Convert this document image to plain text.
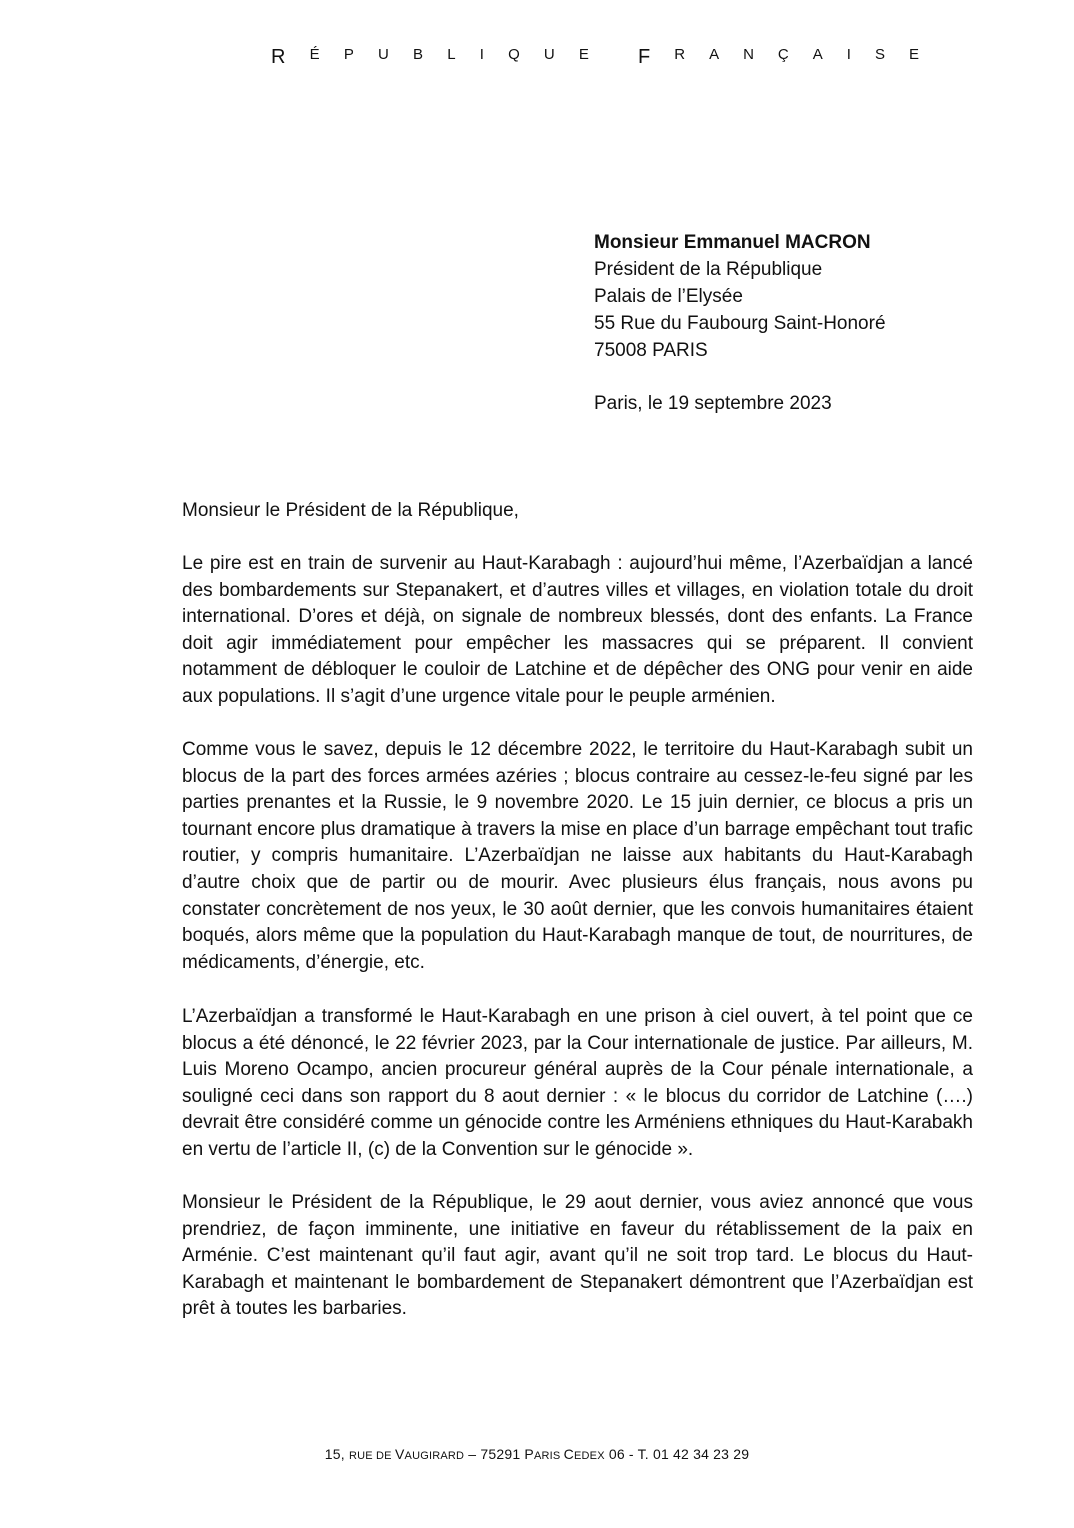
R É P U B L I Q U E F R A N Ç A I S E
Monsieur Emmanuel MACRON
Président de la République
Palais de l’Elysée
55 Rue du Faubourg Saint-Honoré
75008 PARIS
Paris, le 19 septembre 2023
Monsieur le Président de la République,

Le pire est en train de survenir au Haut-Karabagh : aujourd’hui même, l’Azerbaïdjan a lancé des bombardements sur Stepanakert, et d’autres villes et villages, en violation totale du droit international. D’ores et déjà, on signale de nombreux blessés, dont des enfants. La France doit agir immédiatement pour empêcher les massacres qui se préparent. Il convient notamment de débloquer le couloir de Latchine et de dépêcher des ONG pour venir en aide aux populations. Il s’agit d’une urgence vitale pour le peuple arménien.

Comme vous le savez, depuis le 12 décembre 2022, le territoire du Haut-Karabagh subit un blocus de la part des forces armées azéries ; blocus contraire au cessez-le-feu signé par les parties prenantes et la Russie, le 9 novembre 2020. Le 15 juin dernier, ce blocus a pris un tournant encore plus dramatique à travers la mise en place d’un barrage empêchant tout trafic routier, y compris humanitaire. L’Azerbaïdjan ne laisse aux habitants du Haut-Karabagh d’autre choix que de partir ou de mourir. Avec plusieurs élus français, nous avons pu constater concrètement de nos yeux, le 30 août dernier, que les convois humanitaires étaient boqués, alors même que la population du Haut-Karabagh manque de tout, de nourritures, de médicaments, d’énergie, etc.

L’Azerbaïdjan a transformé le Haut-Karabagh en une prison à ciel ouvert, à tel point que ce blocus a été dénoncé, le 22 février 2023, par la Cour internationale de justice. Par ailleurs, M. Luis Moreno Ocampo, ancien procureur général auprès de la Cour pénale internationale, a souligné ceci dans son rapport du 8 aout dernier : « le blocus du corridor de Latchine (….) devrait être considéré comme un génocide contre les Arméniens ethniques du Haut-Karabakh en vertu de l’article II, (c) de la Convention sur le génocide ».

Monsieur le Président de la République, le 29 aout dernier, vous aviez annoncé que vous prendriez, de façon imminente, une initiative en faveur du rétablissement de la paix en Arménie. C’est maintenant qu’il faut agir, avant qu’il ne soit trop tard. Le blocus du Haut-Karabagh et maintenant le bombardement de Stepanakert démontrent que l’Azerbaïdjan est prêt à toutes les barbaries.

15, RUE DE VAUGIRARD – 75291 PARIS CEDEX 06 - T. 01 42 34 23 29
